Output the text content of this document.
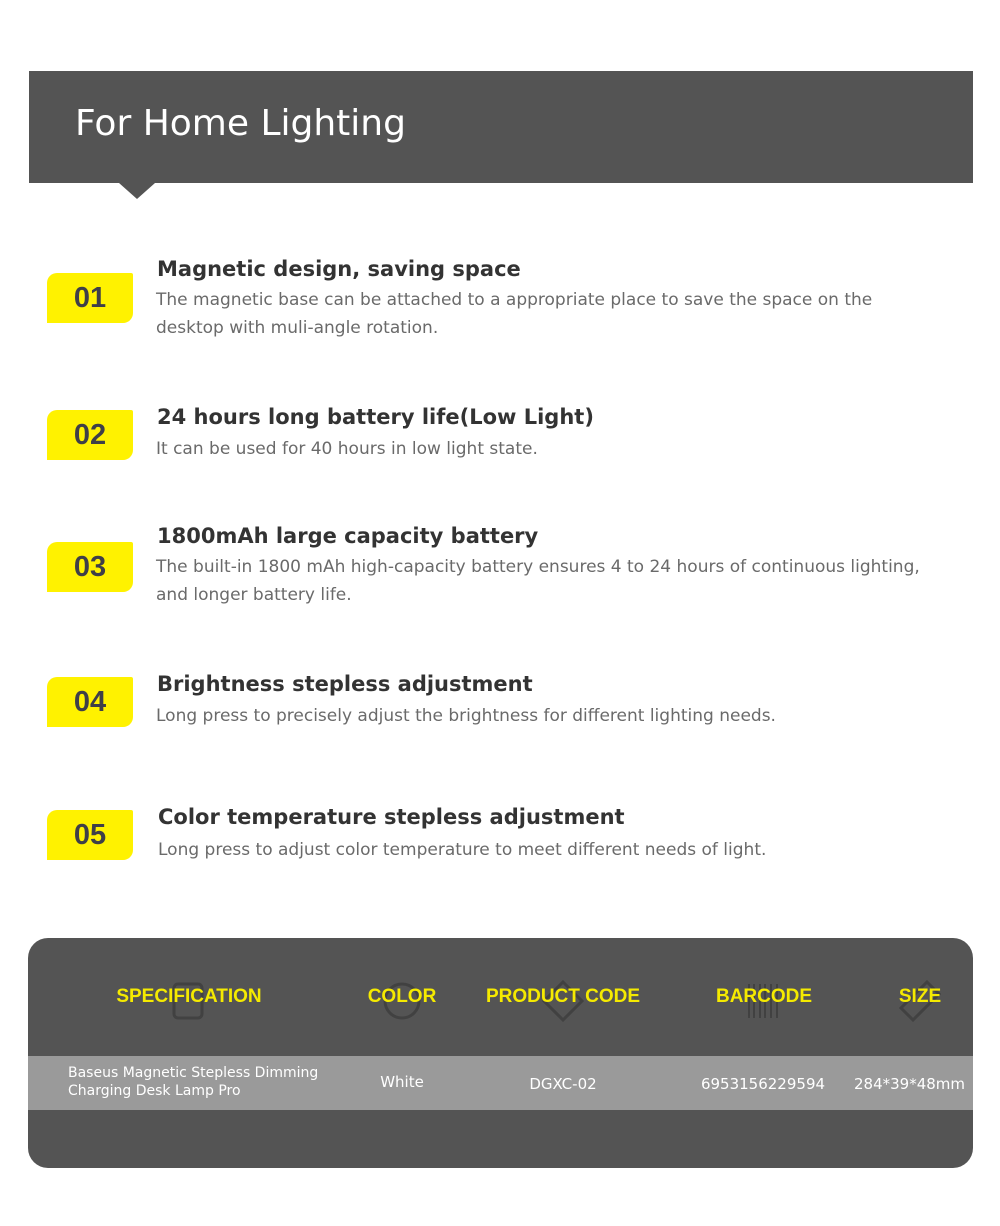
For Home Lighting
01
Magnetic design, saving space
The magnetic base can be attached to a appropriate place to save the space on the desktop with muli-angle rotation.
02
24 hours long battery life(Low Light)
It can be used for 40 hours in low light state.
03
1800mAh large capacity battery
The built-in 1800 mAh high-capacity battery ensures 4 to 24 hours of continuous lighting, and longer battery life.
04
Brightness stepless adjustment
Long press to precisely adjust the brightness for different lighting needs.
05
Color temperature stepless adjustment
Long press to adjust color temperature to meet different needs of light.
SPECIFICATION	COLOR	PRODUCT CODE	BARCODE	SIZE
Baseus Magnetic Stepless Dimming
Charging Desk Lamp Pro	White	DGXC-02	6953156229594 284*39*48mm
